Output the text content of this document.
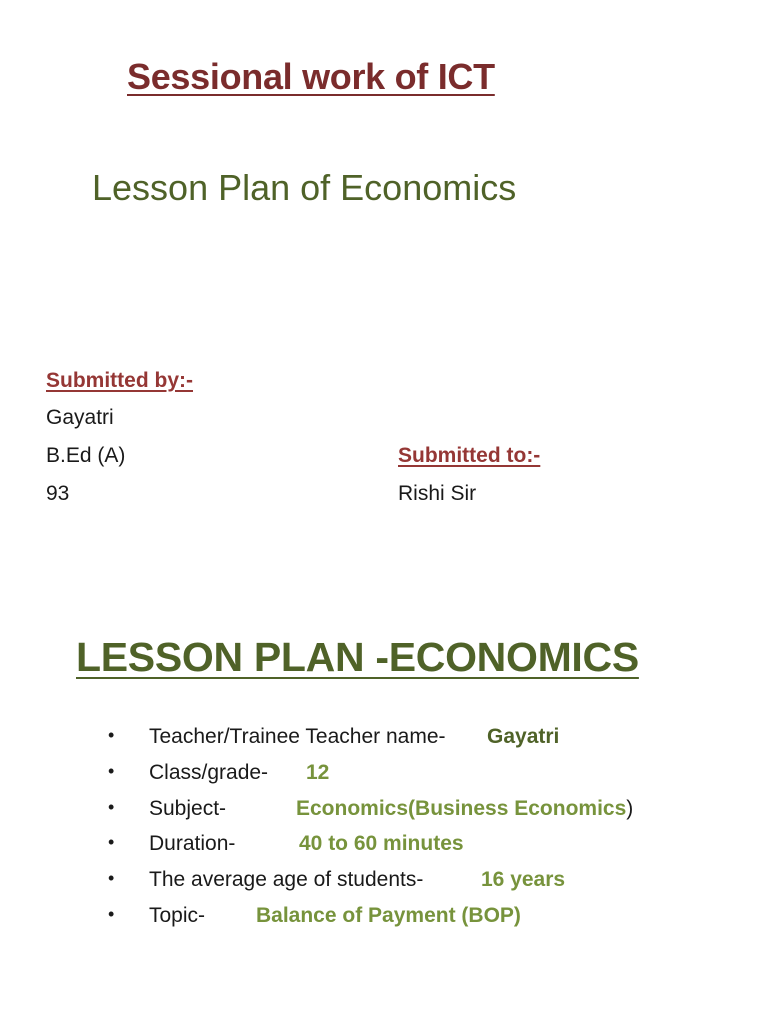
Sessional work of ICT
Lesson Plan of Economics
Submitted by:-
Gayatri
B.Ed (A)
93
Submitted to:-
Rishi Sir
LESSON PLAN -ECONOMICS
• Teacher/Trainee Teacher name- Gayatri
• Class/grade- 12
• Subject-	Economics(Business Economics)
• Duration-	40 to 60 minutes
• The average age of students-	16 years
• Topic- Balance of Payment (BOP)
